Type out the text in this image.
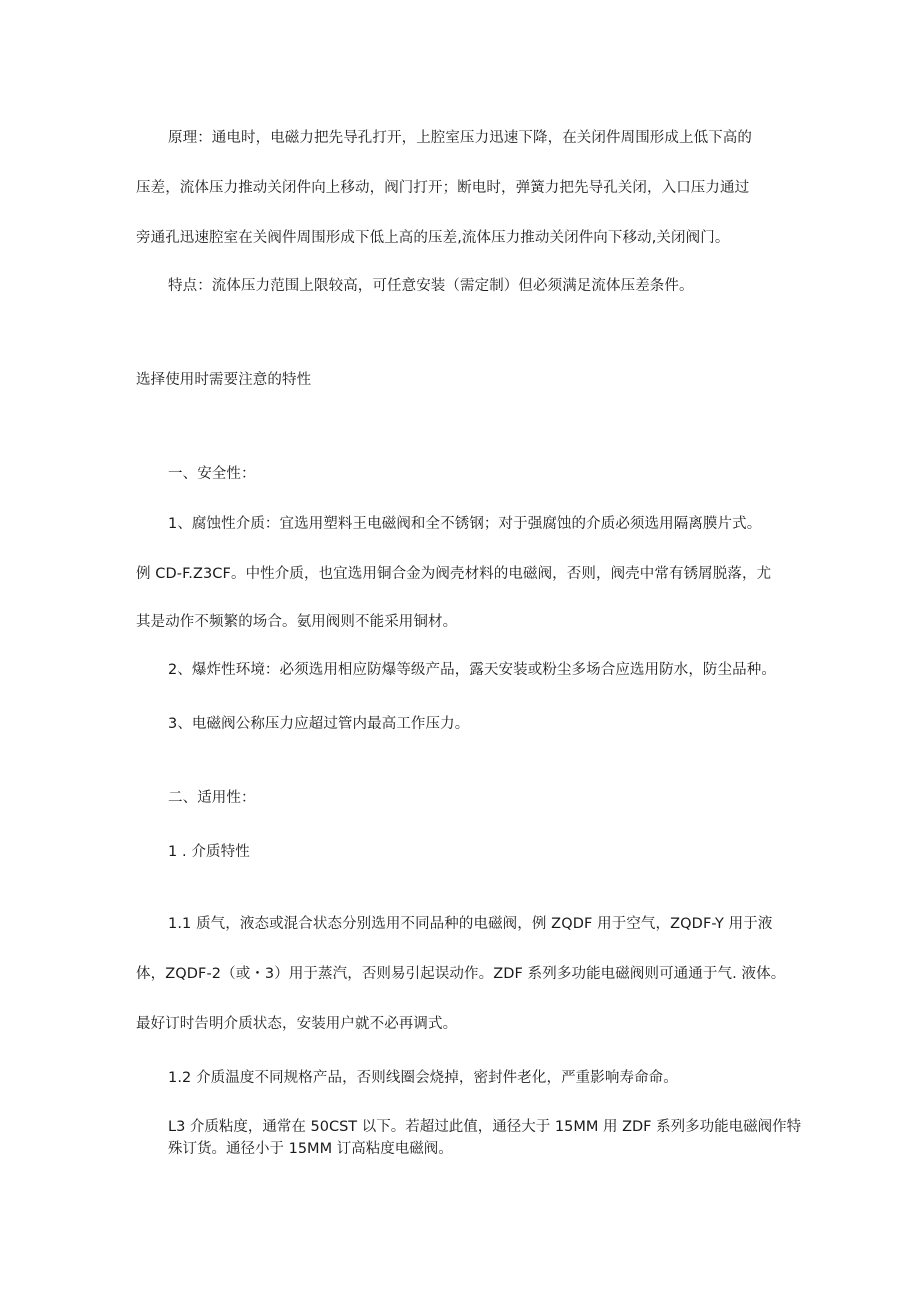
原理：通电时，电磁力把先导孔打开，上腔室压力迅速下降，在关闭件周围形成上低下高的
压差，流体压力推动关闭件向上移动，阀门打开；断电时，弹簧力把先导孔关闭，入口压力通过
旁通孔迅速腔室在关阀件周围形成下低上高的压差,流体压力推动关闭件向下移动,关闭阀门。
特点：流体压力范围上限较高，可任意安装（需定制）但必须满足流体压差条件。
选择使用时需要注意的特性
一、安全性：
1、腐蚀性介质：宜选用塑料王电磁阀和全不锈钢；对于强腐蚀的介质必须选用隔离膜片式。
例 CD-F.Z3CF。中性介质，也宜选用铜合金为阀壳材料的电磁阀，否则，阀壳中常有锈屑脱落，尤
其是动作不频繁的场合。氨用阀则不能采用铜材。
2、爆炸性环境：必须选用相应防爆等级产品，露天安装或粉尘多场合应选用防水，防尘品种。
3、电磁阀公称压力应超过管内最高工作压力。
二、适用性：
1 . 介质特性
1.1 质气，液态或混合状态分别选用不同品种的电磁阀，例 ZQDF 用于空气，ZQDF-Y 用于液
体，ZQDF-2（或・3）用于蒸汽，否则易引起误动作。ZDF 系列多功能电磁阀则可通通于气. 液体。
最好订时告明介质状态，安装用户就不必再调式。
1.2 介质温度不同规格产品，否则线圈会烧掉，密封件老化，严重影响寿命命。
L3 介质粘度，通常在 50CST 以下。若超过此值，通径大于 15MM 用 ZDF 系列多功能电磁阀作特殊订货。通径小于 15MM 订高粘度电磁阀。
